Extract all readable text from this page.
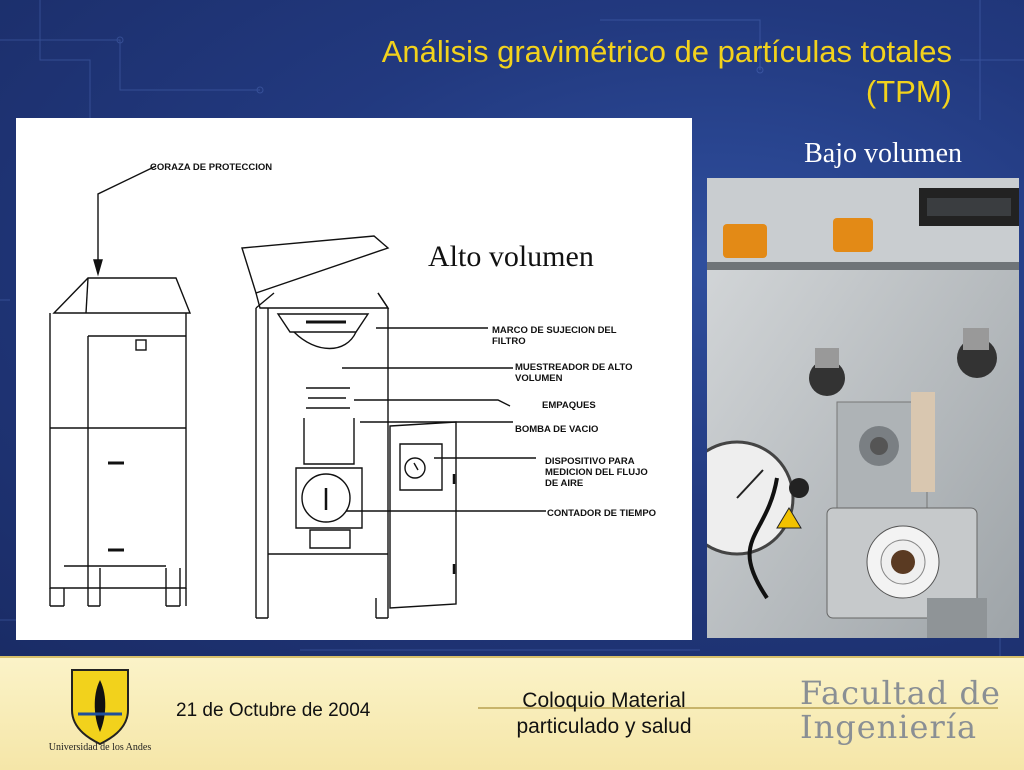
Análisis gravimétrico de partículas totales
(TPM)
Bajo volumen
CORAZA DE PROTECCION
Alto volumen
MARCO DE SUJECION DEL
FILTRO
MUESTREADOR DE ALTO
VOLUMEN
EMPAQUES
BOMBA DE VACIO
DISPOSITIVO PARA
MEDICION DEL FLUJO
DE AIRE
CONTADOR DE TIEMPO
Universidad de los Andes
21 de Octubre de 2004	Coloquio Material
particulado y salud
Facultad de
Ingeniería
